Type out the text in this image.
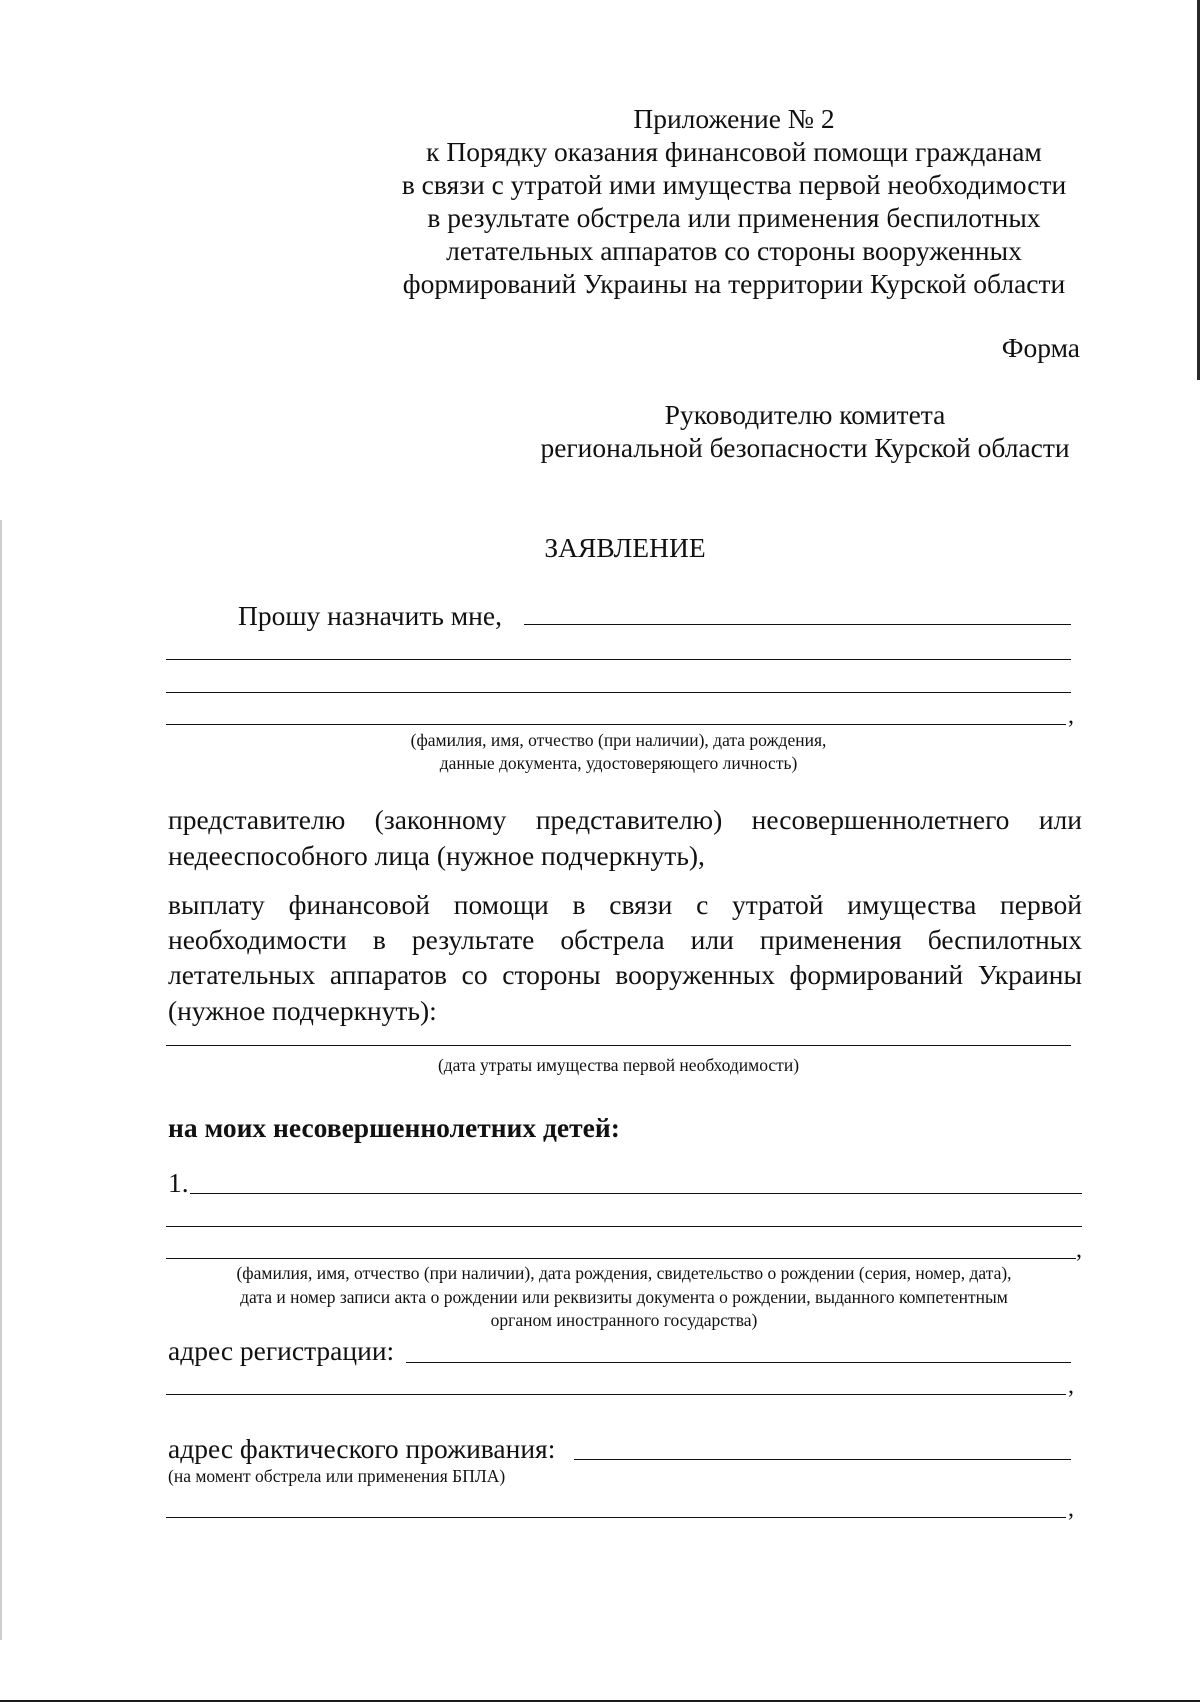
Приложение № 2
к Порядку оказания финансовой помощи гражданам
в связи с утратой ими имущества первой необходимости
в результате обстрела или применения беспилотных
летательных аппаратов со стороны вооруженных
формирований Украины на территории Курской области
Форма
Руководителю комитета
региональной безопасности Курской области
ЗАЯВЛЕНИЕ
Прошу назначить мне,
,
(фамилия, имя, отчество (при наличии), дата рождения,
данные документа, удостоверяющего личность)
представителю (законному представителю) несовершеннолетнего или
недееспособного лица (нужное подчеркнуть),
выплату финансовой помощи в связи с утратой имущества первой
необходимости в результате обстрела или применения беспилотных
летательных аппаратов со стороны вооруженных формирований Украины
(нужное подчеркнуть):
(дата утраты имущества первой необходимости)
на моих несовершеннолетних детей:
1.
,
(фамилия, имя, отчество (при наличии), дата рождения, свидетельство о рождении (серия, номер, дата),
дата и номер записи акта о рождении или реквизиты документа о рождении, выданного компетентным
органом иностранного государства)
адрес регистрации:
,
адрес фактического проживания:
(на момент обстрела или применения БПЛА)
,
